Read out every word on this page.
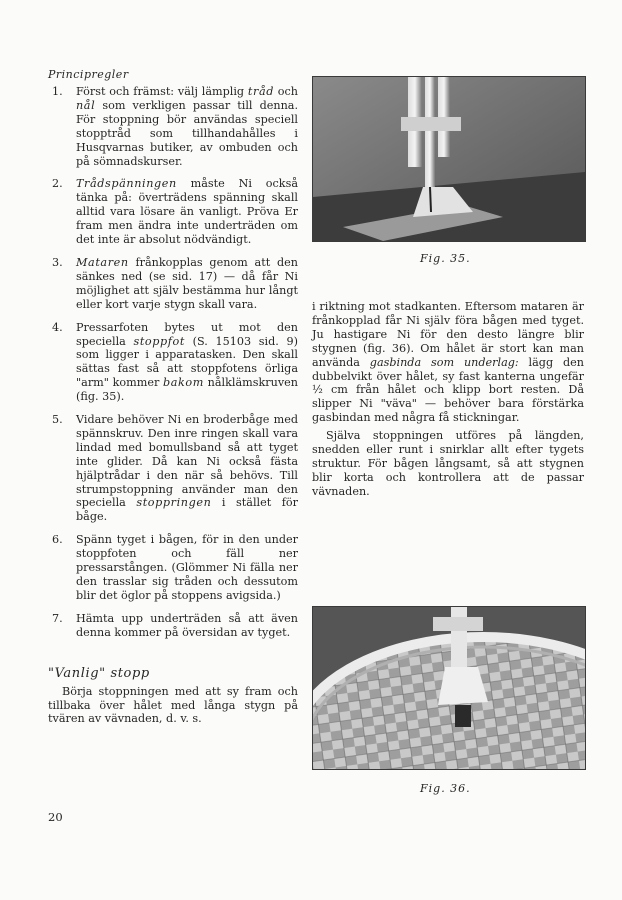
Principregler
1.	Först och främst: välj lämplig tråd och nål som verkligen passar till denna. För stoppning bör användas speciell stopptråd som tillhandahålles i Husqvarnas butiker, av ombuden och på sömnadskurser.
2.	Trådspänningen måste Ni också tänka på: överträdens spänning skall alltid vara lösare än vanligt. Pröva Er fram men ändra inte underträden om det inte är absolut nödvändigt.
3.	Mataren frånkopplas genom att den sänkes ned (se sid. 17) — då får Ni möjlighet att själv bestämma hur långt eller kort varje stygn skall vara.
4.	Pressarfoten bytes ut mot den speciella stoppfot (S. 15103 sid. 9) som ligger i apparatasken. Den skall sättas fast så att stoppfotens örliga "arm" kommer bakom nålklämskruven (fig. 35).
5.	Vidare behöver Ni en broderbåge med spännskruv. Den inre ringen skall vara lindad med bomullsband så att tyget inte glider. Då kan Ni också fästa hjälptrådar i den när så behövs. Till strumpstoppning använder man den speciella stoppringen i stället för båge.
6.	Spänn tyget i bågen, för in den under stoppfoten och fäll ner pressarstången. (Glömmer Ni fälla ner den trasslar sig tråden och dessutom blir det öglor på stoppens avigsida.)
7.	Hämta upp underträden så att även denna kommer på översidan av tyget.
"Vanlig" stopp

Börja stoppningen med att sy fram och tillbaka över hålet med långa stygn på tvären av vävnaden, d. v. s.

20
Fig. 35.

i riktning mot stadkanten. Eftersom mataren är frånkopplad får Ni själv föra bågen med tyget. Ju hastigare Ni för den desto längre blir stygnen (fig. 36). Om hålet är stort kan man använda gasbinda som underlag: lägg den dubbelvikt över hålet, sy fast kanterna ungefär ½ cm från hålet och klipp bort resten. Då slipper Ni "väva" — behöver bara förstärka gasbindan med några få stickningar.

Själva stoppningen utföres på längden, snedden eller runt i snirklar allt efter tygets struktur. För bågen långsamt, så att stygnen blir korta och kontrollera att de passar vävnaden.

Fig. 36.
